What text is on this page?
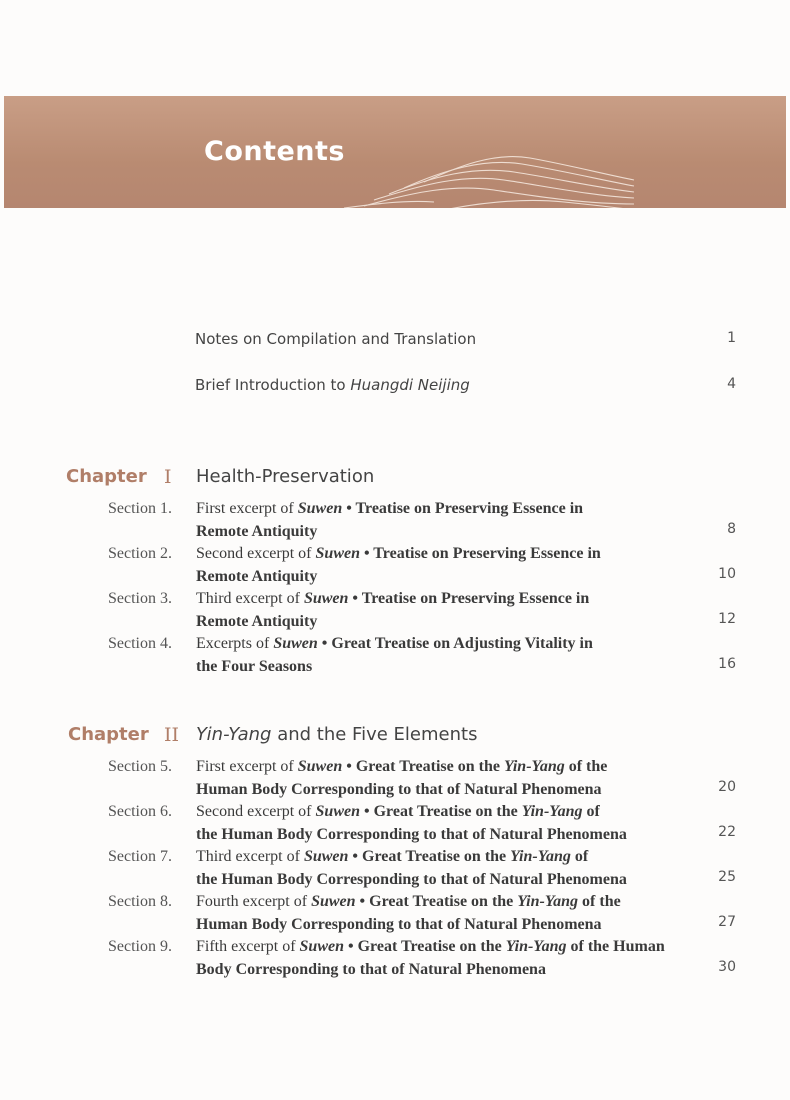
Contents
Notes on Compilation and Translation	1
Brief Introduction to Huangdi Neijing	4
Chapter I Health-Preservation
Section 1. First excerpt of Suwen • Treatise on Preserving Essence in
Remote Antiquity	8
Section 2. Second excerpt of Suwen • Treatise on Preserving Essence in
Remote Antiquity	10
Section 3. Third excerpt of Suwen • Treatise on Preserving Essence in
Remote Antiquity	12
Section 4. Excerpts of Suwen • Great Treatise on Adjusting Vitality in
the Four Seasons	16
Chapter II Yin-Yang and the Five Elements
Section 5. First excerpt of Suwen • Great Treatise on the Yin-Yang of the
Human Body Corresponding to that of Natural Phenomena	20
Section 6. Second excerpt of Suwen • Great Treatise on the Yin-Yang of
the Human Body Corresponding to that of Natural Phenomena	22
Section 7. Third excerpt of Suwen • Great Treatise on the Yin-Yang of
the Human Body Corresponding to that of Natural Phenomena	25
Section 8. Fourth excerpt of Suwen • Great Treatise on the Yin-Yang of the
Human Body Corresponding to that of Natural Phenomena	27
Section 9. Fifth excerpt of Suwen • Great Treatise on the Yin-Yang of the Human
Body Corresponding to that of Natural Phenomena	30
